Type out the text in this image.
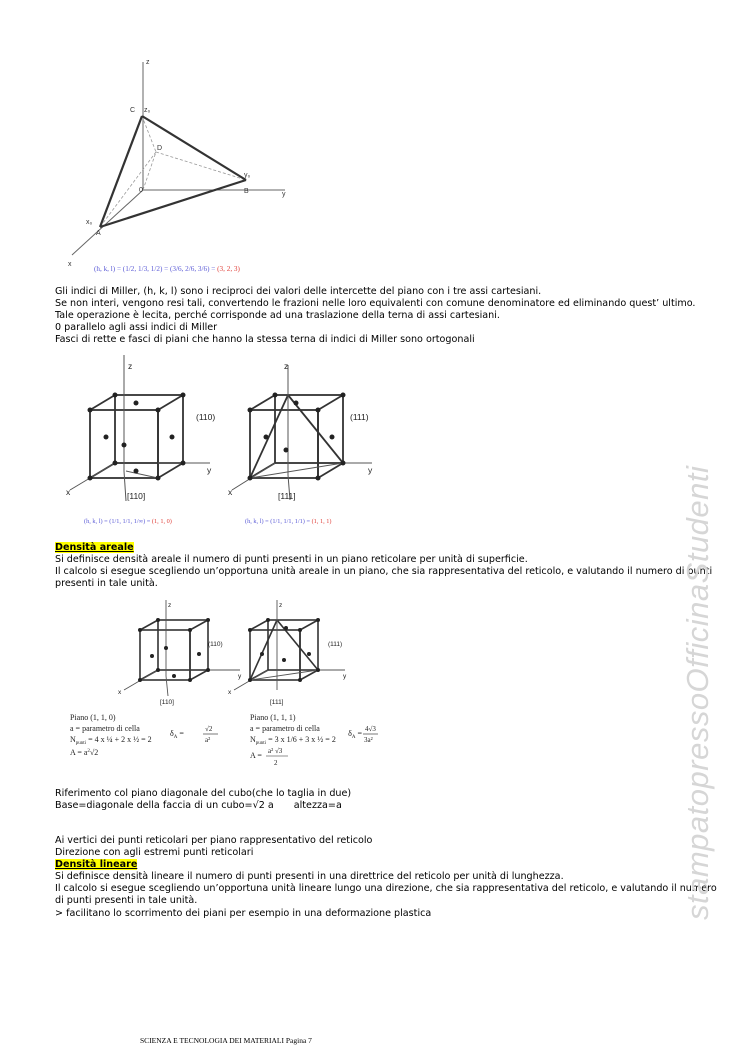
z
y
x
C z₀
D
0
y₀
B
x₀
A
(h, k, l) = (1/2, 1/3, 1/2) = (3/6, 2/6, 3/6) = (3, 2, 3)
Gli indici di Miller, (h, k, l) sono i reciproci dei valori delle intercette del piano con i tre assi cartesiani.
Se non interi, vengono resi tali, convertendo le frazioni nelle loro equivalenti con comune denominatore ed eliminando quest’ ultimo.
Tale operazione è lecita, perché corrisponde ad una traslazione della terna di assi cartesiani.
0 parallelo agli assi indici di Miller
Fasci di rette e fasci di piani che hanno la stessa terna di indici di Miller sono ortogonali
z
y
x
(110)
[110]
z
y
x
(111)
[111]
(h, k, l) = (1/1, 1/1, 1/∞) = (1, 1, 0)	(h, k, l) = (1/1, 1/1, 1/1) = (1, 1, 1)
Densità areale
Si definisce densità areale il numero di punti presenti in un piano reticolare per unità di superficie.
Il calcolo si esegue scegliendo un’opportuna unità areale in un piano, che sia rappresentativa del reticolo, e valutando il numero di punti presenti in tale unità.
z
y
x
(110)
[110]
z
y
x
(111)
[111]
Piano (1, 1, 0)
a = parametro di cella
$N_{punti} = 4$ x ¼ + 2 x ½ = 2
$A = a^2√2$
$\delta_A$ =	√2
a²
Piano (1, 1, 1)
a = parametro di cella
$N_{punti} = 3$ x 1/6 + 3 x ½ = 2
A = a² √3
2
$\delta_A = 4√3$
3a²
Riferimento col piano diagonale del cubo(che lo taglia in due)
Base=diagonale della faccia di un cubo=√2 a altezza=a
Ai vertici dei punti reticolari per piano rappresentativo del reticolo
Direzione con agli estremi punti reticolari
Densità lineare
Si definisce densità lineare il numero di punti presenti in una direttrice del reticolo per unità di lunghezza.
Il calcolo si esegue scegliendo un’opportuna unità lineare lungo una direzione, che sia rappresentativa del reticolo, e valutando il numero di punti presenti in tale unità.
> facilitano lo scorrimento dei piani per esempio in una deformazione plastica	stampatopressoOfficinaStudenti
SCIENZA E TECNOLOGIA DEI MATERIALI Pagina 7
